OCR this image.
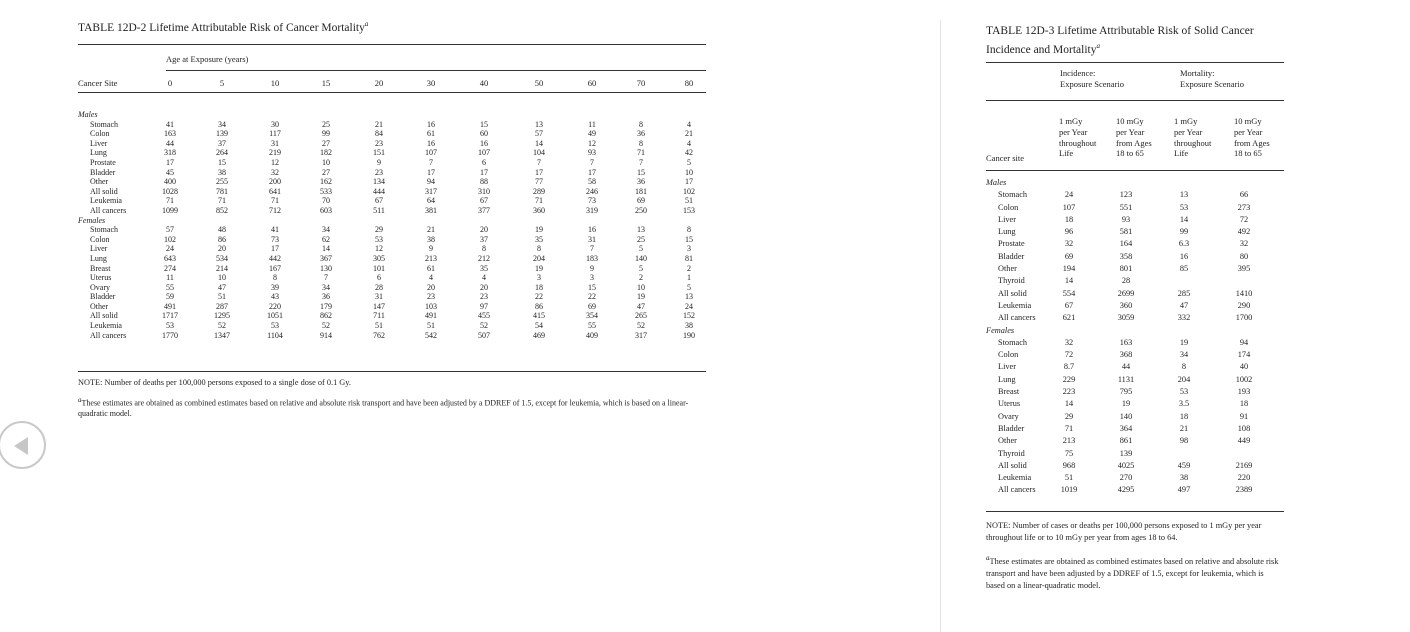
TABLE 12D-2 Lifetime Attributable Risk of Cancer Mortality$^a$
Age at Exposure (years)
Cancer Site	0	5	10	15	20	30	40	50	60	70	80
Males
Stomach	41	34	30	25	21	16	15	13	11	8	4
Colon	163	139	117	99	84	61	60	57	49	36	21
Liver	44	37	31	27	23	16	16	14	12	8	4
Lung	318	264	219	182	151	107	107	104	93	71	42
Prostate	17	15	12	10	9	7	6	7	7	7	5
Bladder	45	38	32	27	23	17	17	17	17	15	10
Other	400	255	200	162	134	94	88	77	58	36	17
All solid	1028	781	641	533	444	317	310	289	246	181	102
Leukemia	71	71	71	70	67	64	67	71	73	69	51
All cancers	1099	852	712	603	511	381	377	360	319	250	153
Females
Stomach	57	48	41	34	29	21	20	19	16	13	8
Colon	102	86	73	62	53	38	37	35	31	25	15
Liver	24	20	17	14	12	9	8	8	7	5	3
Lung	643	534	442	367	305	213	212	204	183	140	81
Breast	274	214	167	130	101	61	35	19	9	5	2
Uterus	11	10	8	7	6	4	4	3	3	2	1
Ovary	55	47	39	34	28	20	20	18	15	10	5
Bladder	59	51	43	36	31	23	23	22	22	19	13
Other	491	287	220	179	147	103	97	86	69	47	24
All solid	1717	1295	1051	862	711	491	455	415	354	265	152
Leukemia	53	52	53	52	51	51	52	54	55	52	38
All cancers	1770	1347	1104	914	762	542	507	469	409	317	190
NOTE: Number of deaths per 100,000 persons exposed to a single dose of 0.1 Gy.
aThese estimates are obtained as combined estimates based on relative and absolute risk transport and have been adjusted by a DDREF of 1.5, except for leukemia, which is based on a linear-quadratic model.
TABLE 12D-3 Lifetime Attributable Risk of Solid Cancer
Incidence and Mortality$^a$
Incidence:
Exposure Scenario
Mortality:
Exposure Scenario
1 mGy
per Year
throughout
Life
10 mGy
per Year
from Ages
18 to 65
1 mGy
per Year
throughout
Life
10 mGy
per Year
from Ages
18 to 65
Cancer site
Males
Stomach	24	123	13	66
Colon	107	551	53	273
Liver	18	93	14	72
Lung	96	581	99	492
Prostate	32	164	6.3	32
Bladder	69	358	16	80
Other	194	801	85	395
Thyroid	14	28
All solid	554	2699	285	1410
Leukemia	67	360	47	290
All cancers	621	3059	332	1700
Females
Stomach	32	163	19	94
Colon	72	368	34	174
Liver	8.7	44	8	40
Lung	229	1131	204	1002
Breast	223	795	53	193
Uterus	14	19	3.5	18
Ovary	29	140	18	91
Bladder	71	364	21	108
Other	213	861	98	449
Thyroid	75	139
All solid	968	4025	459	2169
Leukemia	51	270	38	220
All cancers	1019	4295	497	2389
NOTE: Number of cases or deaths per 100,000 persons exposed to 1 mGy per year throughout life or to 10 mGy per year from ages 18 to 64.
$^a$These estimates are obtained as combined estimates based on relative and absolute risk transport and have been adjusted by a DDREF of 1.5, except for leukemia, which is based on a linear-quadratic model.
